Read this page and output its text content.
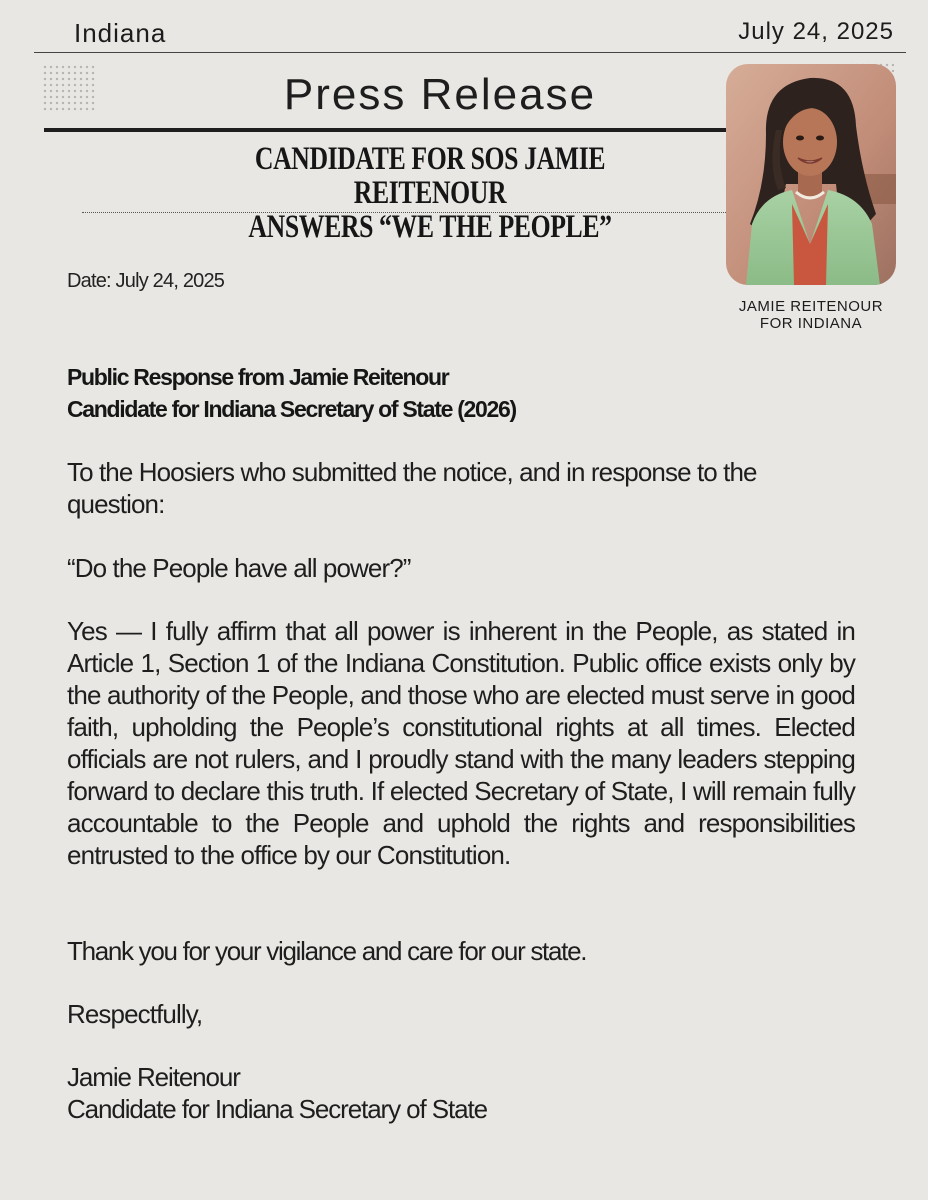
Indiana	July 24, 2025
Press Release
CANDIDATE FOR SOS JAMIE REITENOUR
ANSWERS “WE THE PEOPLE”
JAMIE REITENOUR
FOR INDIANA
Date: July 24, 2025
Public Response from Jamie Reitenour
Candidate for Indiana Secretary of State (2026)
To the Hoosiers who submitted the notice, and in response to the question:
“Do the People have all power?”
Yes — I fully affirm that all power is inherent in the People, as stated in Article 1, Section 1 of the Indiana Constitution. Public office exists only by the authority of the People, and those who are elected must serve in good faith, upholding the People’s constitutional rights at all times. Elected officials are not rulers, and I proudly stand with the many leaders stepping forward to declare this truth. If elected Secretary of State, I will remain fully accountable to the People and uphold the rights and responsibilities entrusted to the office by our Constitution.
Thank you for your vigilance and care for our state.
Respectfully,
Jamie Reitenour
Candidate for Indiana Secretary of State
